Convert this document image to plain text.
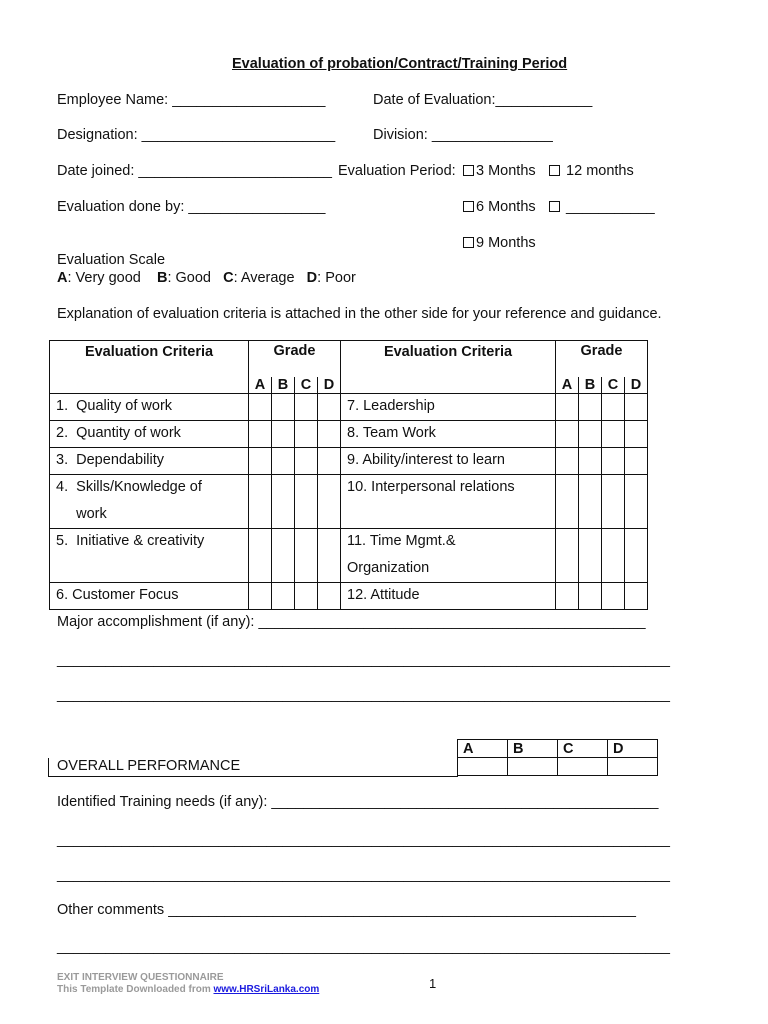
Evaluation of probation/Contract/Training Period
Employee Name: ___________________	Date of Evaluation:____________
Designation: ________________________	Division: _______________
Date joined: ________________________ Evaluation Period:	3 Months	12 months
Evaluation done by: _________________	6 Months	___________
9 Months
Evaluation Scale
A: Very good B: Good C: Average D: Poor
Explanation of evaluation criteria is attached in the other side for your reference and guidance.
Evaluation Criteria	Grade				Evaluation Criteria	Grade			
	A	B	C	D		A	B	C	D

1.  Quality of work					7. Leadership				

2.  Quantity of work					8. Team Work				

3.  Dependability					9. Ability/interest to learn				

4.  Skills/Knowledge of
work					10. Interpersonal relations				

5.  Initiative & creativity					11. Time Mgmt.&
Organization				

6. Customer Focus					12. Attitude				

Major accomplishment (if any): ________________________________________________
____________________________________________________________________________
____________________________________________________________________________
OVERALL PERFORMANCE
A	B	C	D

Identified Training needs (if any): ________________________________________________
____________________________________________________________________________
____________________________________________________________________________
Other comments __________________________________________________________
____________________________________________________________________________
EXIT INTERVIEW QUESTIONNAIRE
This Template Downloaded from www.HRSriLanka.com	1
